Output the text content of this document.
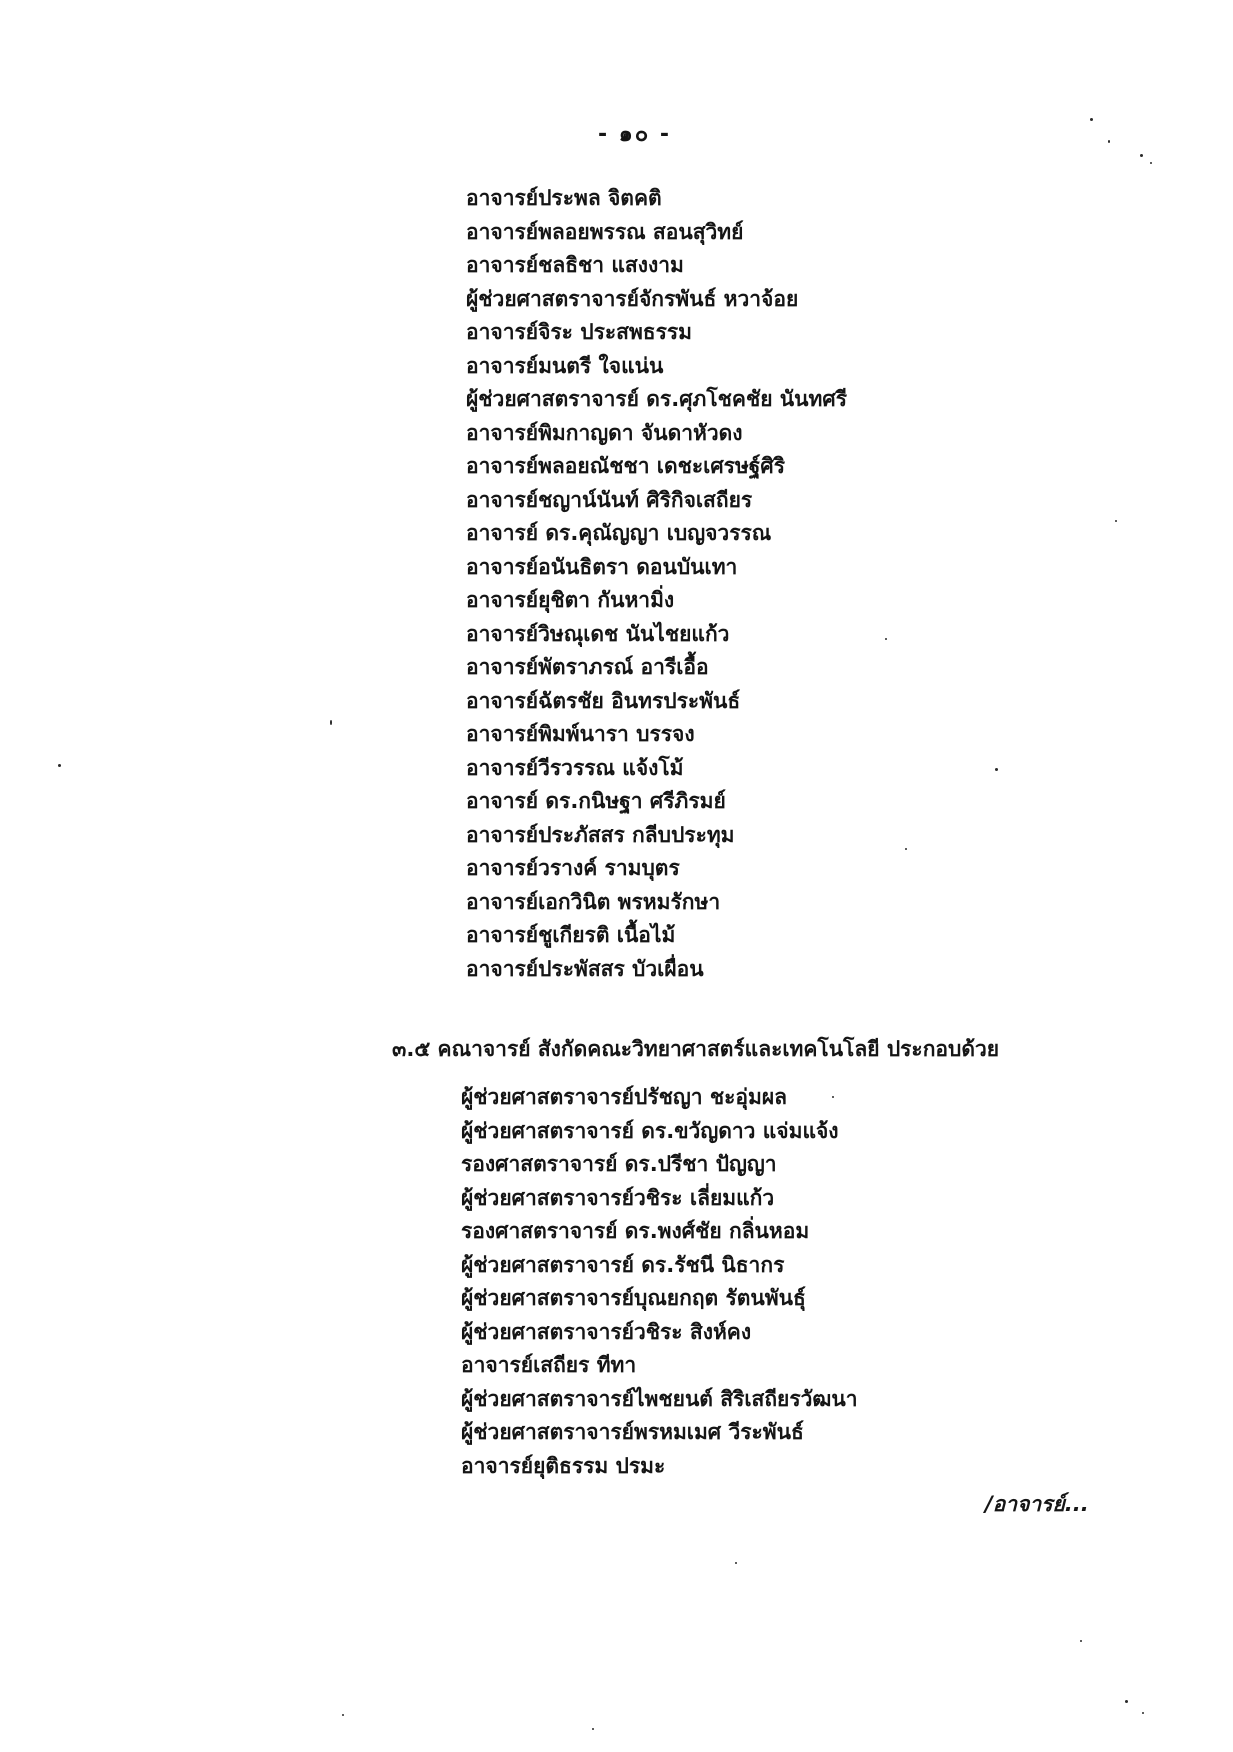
- ๑๐ -
อาจารย์ประพล จิตคติ
อาจารย์พลอยพรรณ สอนสุวิทย์
อาจารย์ชลธิชา แสงงาม
ผู้ช่วยศาสตราจารย์จักรพันธ์ หวาจ้อย
อาจารย์จิระ ประสพธรรม
อาจารย์มนตรี ใจแน่น
ผู้ช่วยศาสตราจารย์ ดร.ศุภโชคชัย นันทศรี
อาจารย์พิมกาญดา จันดาหัวดง
อาจารย์พลอยณัชชา เดชะเศรษฐ์ศิริ
อาจารย์ชญาน์นันท์ ศิริกิจเสถียร
อาจารย์ ดร.คุณัญญา เบญจวรรณ
อาจารย์อนันธิตรา ดอนบันเทา
อาจารย์ยุชิตา กันหามิ่ง
อาจารย์วิษณุเดช นันไชยแก้ว
อาจารย์พัตราภรณ์ อารีเอื้อ
อาจารย์ฉัตรชัย อินทรประพันธ์
อาจารย์พิมพ์นารา บรรจง
อาจารย์วีรวรรณ แจ้งโม้
อาจารย์ ดร.กนิษฐา ศรีภิรมย์
อาจารย์ประภัสสร กลีบประทุม
อาจารย์วรางค์ รามบุตร
อาจารย์เอกวินิต พรหมรักษา
อาจารย์ชูเกียรติ เนื้อไม้
อาจารย์ประพัสสร บัวเผื่อน
๓.๕ คณาจารย์ สังกัดคณะวิทยาศาสตร์และเทคโนโลยี ประกอบด้วย
ผู้ช่วยศาสตราจารย์ปรัชญา ชะอุ่มผล
ผู้ช่วยศาสตราจารย์ ดร.ขวัญดาว แจ่มแจ้ง
รองศาสตราจารย์ ดร.ปรีชา ปัญญา
ผู้ช่วยศาสตราจารย์วชิระ เลี่ยมแก้ว
รองศาสตราจารย์ ดร.พงศ์ชัย กลิ่นหอม
ผู้ช่วยศาสตราจารย์ ดร.รัชนี นิธากร
ผู้ช่วยศาสตราจารย์บุณยกฤต รัตนพันธุ์
ผู้ช่วยศาสตราจารย์วชิระ สิงห์คง
อาจารย์เสถียร ทีทา
ผู้ช่วยศาสตราจารย์ไพชยนต์ สิริเสถียรวัฒนา
ผู้ช่วยศาสตราจารย์พรหมเมศ วีระพันธ์
อาจารย์ยุติธรรม ปรมะ
/อาจารย์...
